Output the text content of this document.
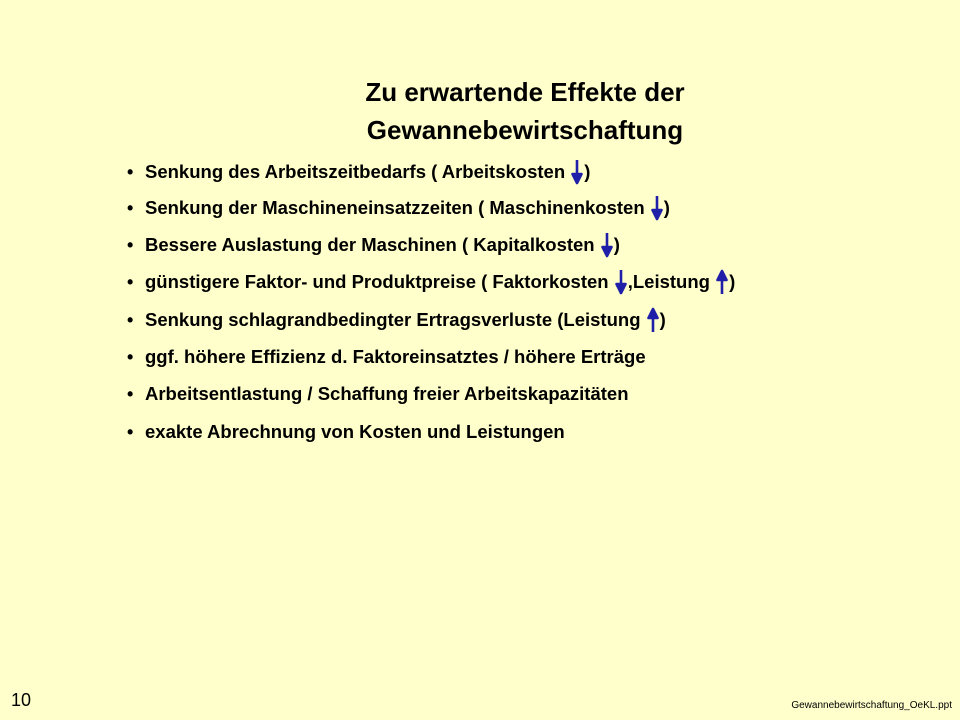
Zu erwartende Effekte der
Gewannebewirtschaftung
• Senkung des Arbeitszeitbedarfs ( Arbeitskosten )
• Senkung der Maschineneinsatzzeiten ( Maschinenkosten )
• Bessere Auslastung der Maschinen ( Kapitalkosten )
• günstigere Faktor- und Produktpreise ( Faktorkosten ,Leistung )
• Senkung schlagrandbedingter Ertragsverluste (Leistung )
• ggf. höhere Effizienz d. Faktoreinsatztes / höhere Erträge
• Arbeitsentlastung / Schaffung freier Arbeitskapazitäten
• exakte Abrechnung von Kosten und Leistungen
10	Gewannebewirtschaftung_OeKL.ppt
